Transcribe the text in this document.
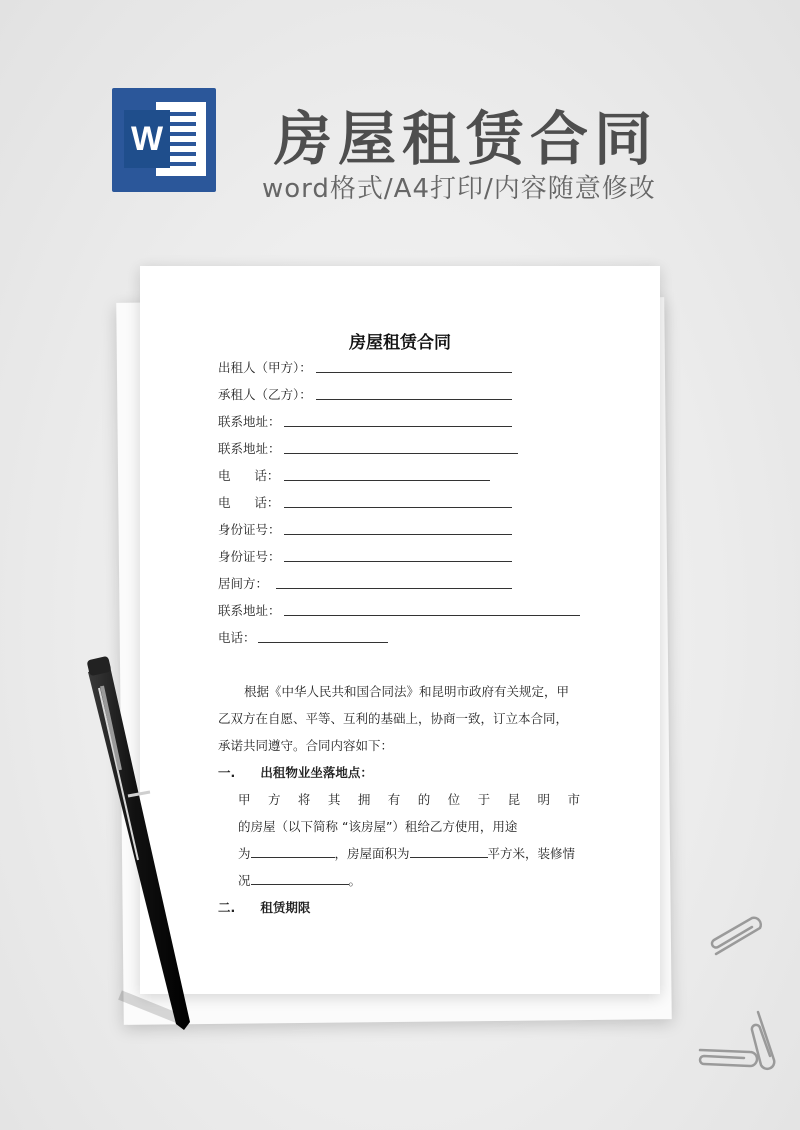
W 房屋租赁合同

word格式/A4打印/内容随意修改

房屋租赁合同
出租人（甲方）：
承租人（乙方）：
联系地址：
联系地址：
电      话：
电      话：
身份证号：
身份证号：
居间方：
联系地址：
电话：
根据《中华人民共和国合同法》和昆明市政府有关规定，甲
乙双方在自愿、平等、互利的基础上，协商一致，订立本合同，
承诺共同遵守。合同内容如下：
一. 出租物业坐落地点：
甲 方 将 其 拥 有 的 位 于 昆 明 市
的房屋（以下简称 “该房屋”）租给乙方使用，用途
为	，房屋面积为	平方米，装修情
况	。
二. 租赁期限
